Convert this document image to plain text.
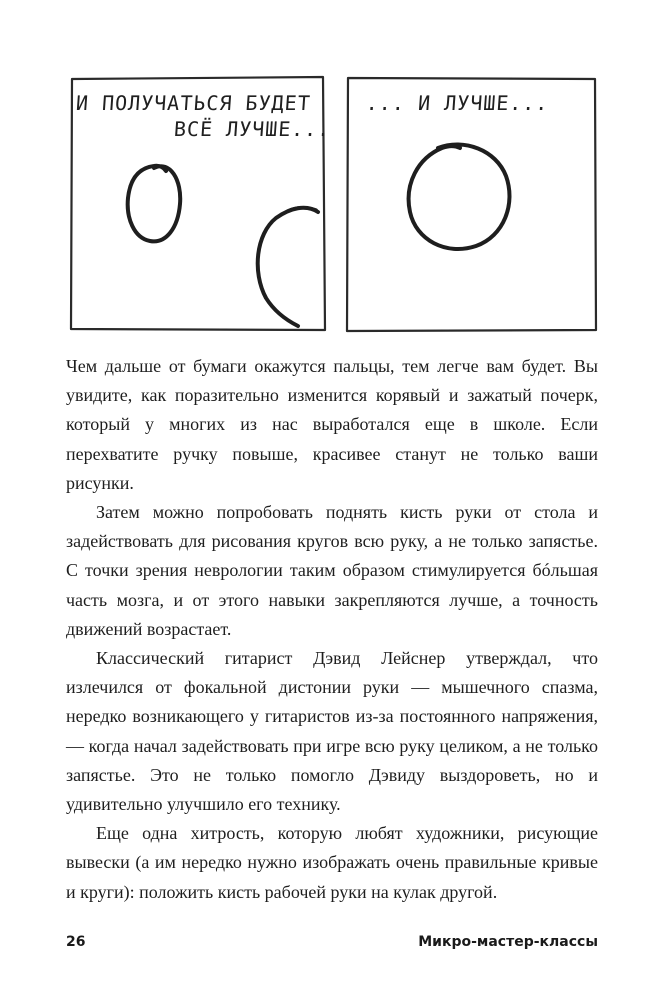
И ПОЛУЧАТЬСЯ БУДЕТ
ВСЁ ЛУЧШЕ...
... И ЛУЧШЕ...

Чем дальше от бумаги окажутся пальцы, тем легче вам будет. Вы увидите, как поразительно изменится корявый и зажатый почерк, который у многих из нас выработался еще в школе. Если перехватите ручку повыше, красивее станут не только ваши рисунки.

Затем можно попробовать поднять кисть руки от стола и задействовать для рисования кругов всю руку, а не только запястье. С точки зрения неврологии таким образом стимулируется бóльшая часть мозга, и от этого навыки закрепляются лучше, а точность движений возрастает.

Классический гитарист Дэвид Лейснер утверждал, что излечился от фокальной дистонии руки — мышечного спазма, нередко возникающего у гитаристов из-за постоянного напряжения, — когда начал задействовать при игре всю руку целиком, а не только запястье. Это не только помогло Дэвиду выздороветь, но и удивительно улучшило его технику.

Еще одна хитрость, которую любят художники, рисующие вывески (а им нередко нужно изображать очень правильные кривые и круги): положить кисть рабочей руки на кулак другой.

26	Микро-мастер-классы
